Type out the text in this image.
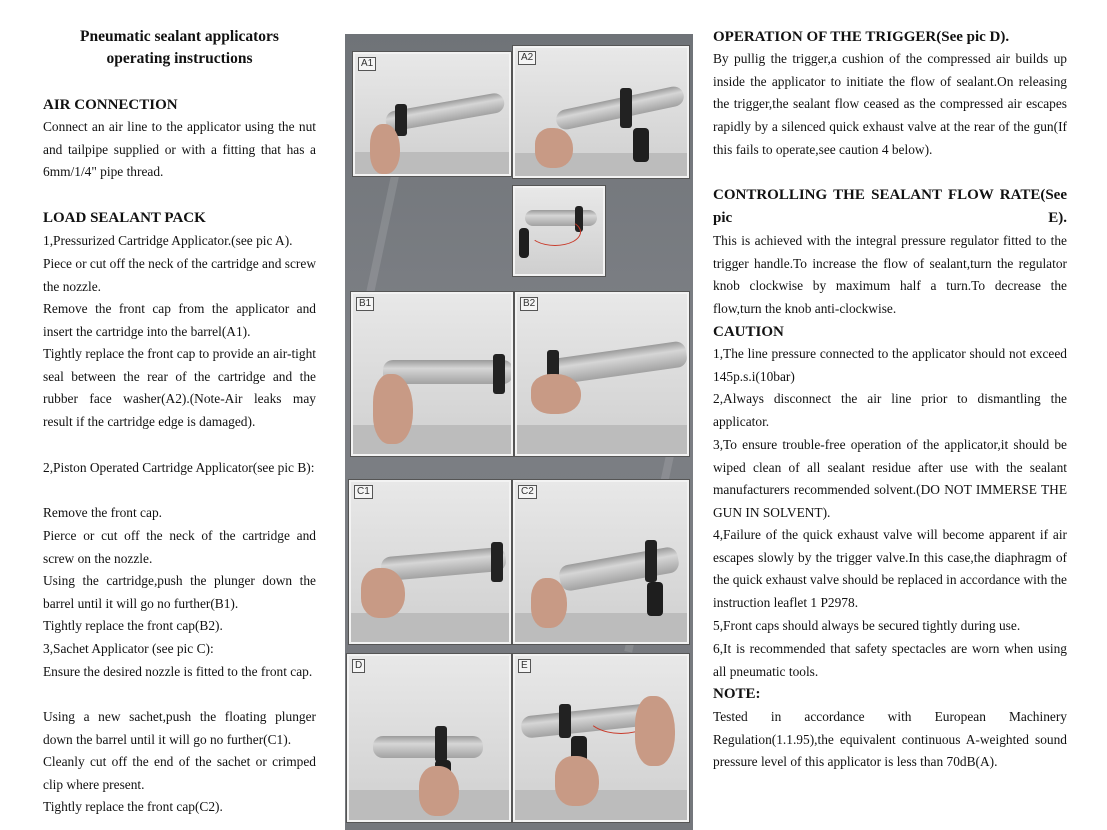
Pneumatic sealant applicators
operating instructions
AIR CONNECTION
Connect an air line to the applicator using the nut and tailpipe supplied or with a fitting that has a 6mm/1/4" pipe thread.
LOAD SEALANT PACK
1,Pressurized Cartridge Applicator.(see pic A).
Piece or cut off the neck of the cartridge and screw the nozzle.
Remove the front cap from the applicator and insert the cartridge into the barrel(A1).
Tightly replace the front cap to provide an air-tight seal between the rear of the cartridge and the rubber face washer(A2).(Note-Air leaks may result if the cartridge edge is damaged).
2,Piston Operated Cartridge Applicator(see pic B):
Remove the front cap.
Pierce or cut off the neck of the cartridge and screw on the nozzle.
Using the cartridge,push the plunger down the barrel until it will go no further(B1).
Tightly replace the front cap(B2).
3,Sachet Applicator (see pic C):
Ensure the desired nozzle is fitted to the front cap.
Using a new sachet,push the floating plunger down the barrel until it will go no further(C1).
Cleanly cut off the end of the sachet or crimped clip where present.
Tightly replace the front cap(C2).
A1
A2
B1	B2
C1	C2
D	E
OPERATION OF THE TRIGGER(See pic D).
By pullig the trigger,a cushion of the compressed air builds up inside the applicator to initiate the flow of sealant.On releasing the trigger,the sealant flow ceased as the compressed air escapes rapidly by a silenced quick exhaust valve at the rear of the gun(If this fails to operate,see caution 4 below).
CONTROLLING THE SEALANT FLOW RATE(See pic E).
This is achieved with the integral pressure regulator fitted to the trigger handle.To increase the flow of sealant,turn the regulator knob clockwise by maximum half a turn.To decrease the flow,turn the knob anti-clockwise.
CAUTION
1,The line pressure connected to the applicator should not exceed 145p.s.i(10bar)
2,Always disconnect the air line prior to dismantling the applicator.
3,To ensure trouble-free operation of the applicator,it should be wiped clean of all sealant residue after use with the sealant manufacturers recommended solvent.(DO NOT IMMERSE THE GUN IN SOLVENT).
4,Failure of the quick exhaust valve will become apparent if air escapes slowly by the trigger valve.In this case,the diaphragm of the quick exhaust valve should be replaced in accordance with the instruction leaflet 1 P2978.
5,Front caps should always be secured tightly during use.
6,It is recommended that safety spectacles are worn when using all pneumatic tools.
NOTE:
Tested in accordance with European Machinery Regulation(1.1.95),the equivalent continuous A-weighted sound pressure level of this applicator is less than 70dB(A).
